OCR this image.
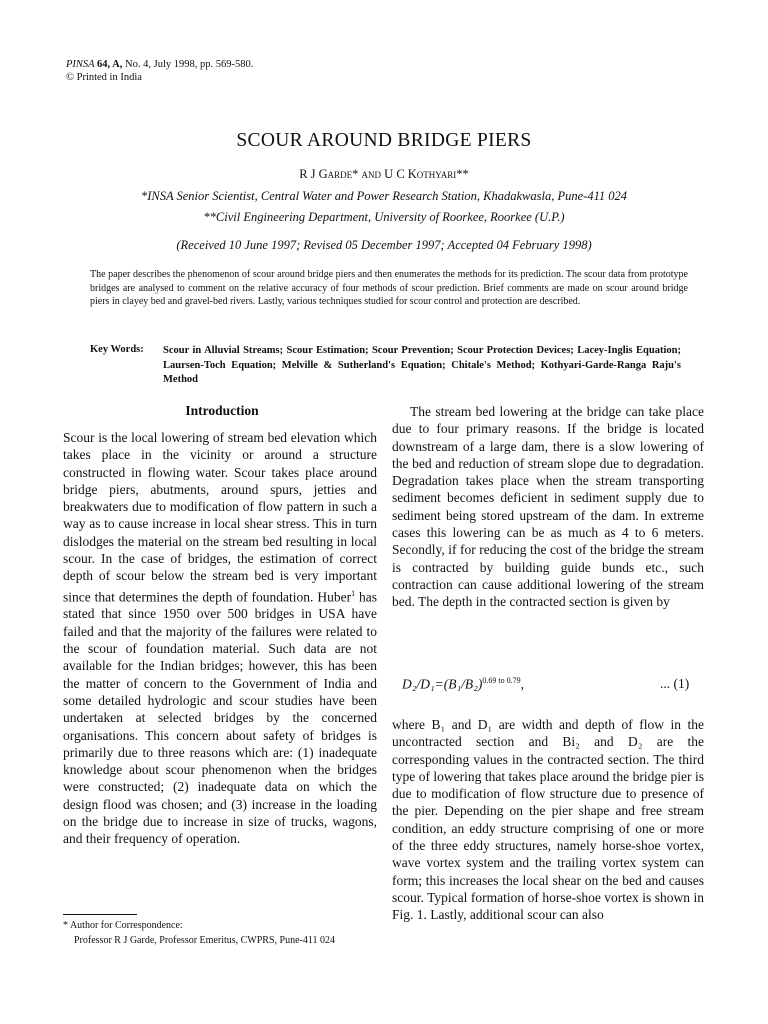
PINSA 64, A, No. 4, July 1998, pp. 569-580.
© Printed in India
SCOUR AROUND BRIDGE PIERS
R J Garde* and U C Kothyari**
*INSA Senior Scientist, Central Water and Power Research Station, Khadakwasla, Pune-411 024
**Civil Engineering Department, University of Roorkee, Roorkee (U.P.)
(Received 10 June 1997; Revised 05 December 1997; Accepted 04 February 1998)
The paper describes the phenomenon of scour around bridge piers and then enumerates the methods for its prediction. The scour data from prototype bridges are analysed to comment on the relative accuracy of four methods of scour prediction. Brief comments are made on scour around bridge piers in clayey bed and gravel-bed rivers. Lastly, various techniques studied for scour control and protection are described.
Key Words: Scour in Alluvial Streams; Scour Estimation; Scour Prevention; Scour Protection Devices; Lacey-Inglis Equation; Laursen-Toch Equation; Melville & Sutherland's Equation; Chitale's Method; Kothyari-Garde-Ranga Raju's Method
Introduction

Scour is the local lowering of stream bed elevation which takes place in the vicinity or around a structure constructed in flowing water. Scour takes place around bridge piers, abutments, around spurs, jetties and breakwaters due to modification of flow pattern in such a way as to cause increase in local shear stress. This in turn dislodges the material on the stream bed resulting in local scour. In the case of bridges, the estimation of correct depth of scour below the stream bed is very important since that determines the depth of foundation. Huber$^1$ has stated that since 1950 over 500 bridges in USA have failed and that the majority of the failures were related to the scour of foundation material. Such data are not available for the Indian bridges; however, this has been the matter of concern to the Government of India and some detailed hydrologic and scour studies have been undertaken at selected bridges by the concerned organisations. This concern about safety of bridges is primarily due to three reasons which are: (1) inadequate knowledge about scour phenomenon when the bridges were constructed; (2) inadequate data on which the design flood was chosen; and (3) increase in the loading on the bridge due to increase in size of trucks, wagons, and their frequency of operation.

The stream bed lowering at the bridge can take place due to four primary reasons. If the bridge is located downstream of a large dam, there is a slow lowering of the bed and reduction of stream slope due to degradation. Degradation takes place when the stream transporting sediment becomes deficient in sediment supply due to sediment being stored upstream of the dam. In extreme cases this lowering can be as much as 4 to 6 meters. Secondly, if for reducing the cost of the bridge the stream is contracted by building guide bunds etc., such contraction can cause additional lowering of the stream bed. The depth in the contracted section is given by
$D_2/D_1=(B_1/B_2)^{0.69 to 0.79}$,	... (1)
where B₁ and D₁ are width and depth of flow in the uncontracted section and Bi₂ and D₂ are the corresponding values in the contracted section. The third type of lowering that takes place around the bridge pier is due to modification of flow structure due to presence of the pier. Depending on the pier shape and free stream condition, an eddy structure comprising of one or more of the three eddy structures, namely horse-shoe vortex, wave vortex system and the trailing vortex system can form; this increases the local shear on the bed and causes scour. Typical formation of horse-shoe vortex is shown in Fig. 1. Lastly, additional scour can also
* Author for Correspondence:
Professor R J Garde, Professor Emeritus, CWPRS, Pune-411 024
